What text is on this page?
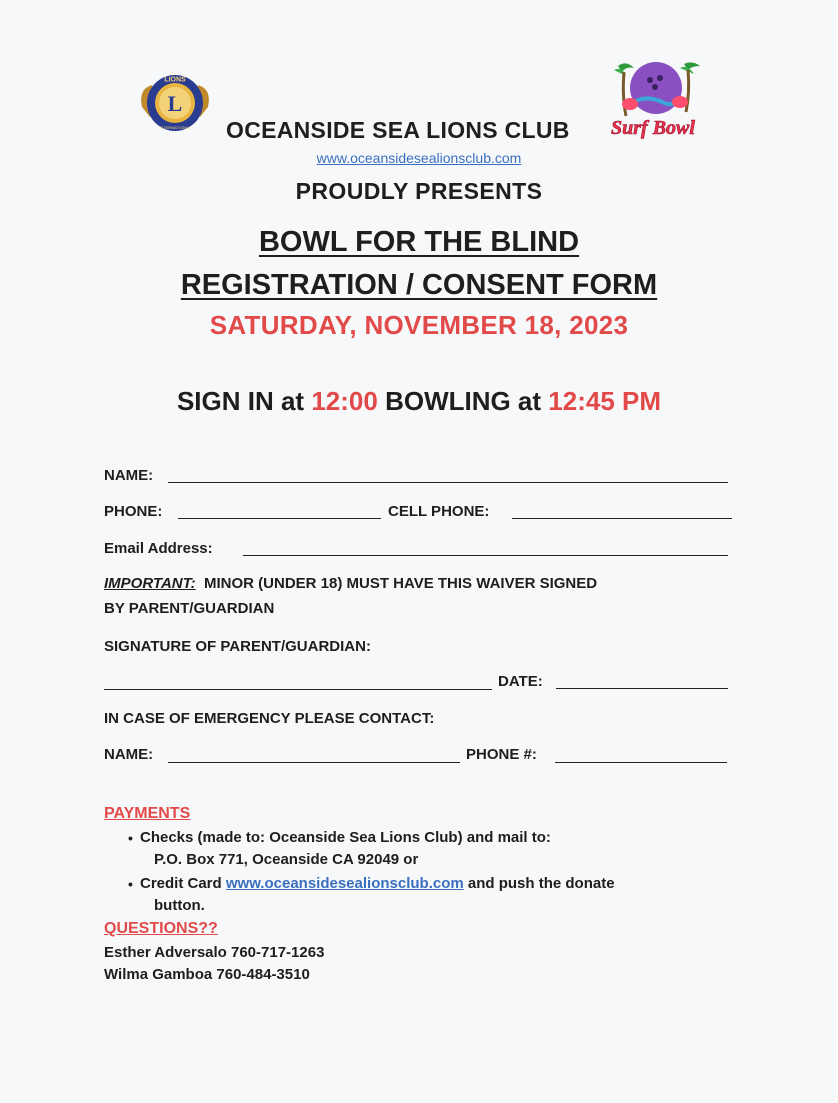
L
LIONS
INTERNATIONAL	Surf Bowl
OCEANSIDE SEA LIONS CLUB
www.oceansidesealionsclub.com
PROUDLY PRESENTS
BOWL FOR THE BLIND
REGISTRATION / CONSENT FORM
SATURDAY, NOVEMBER 18, 2023
SIGN IN at 12:00 BOWLING at 12:45 PM
NAME:
PHONE:	CELL PHONE:
Email Address:
IMPORTANT: MINOR (UNDER 18) MUST HAVE THIS WAIVER SIGNED
BY PARENT/GUARDIAN
SIGNATURE OF PARENT/GUARDIAN:
DATE:
IN CASE OF EMERGENCY PLEASE CONTACT:
NAME:	PHONE #:
PAYMENTS
• Checks (made to: Oceanside Sea Lions Club) and mail to:
P.O. Box 771, Oceanside CA 92049 or
• Credit Card www.oceansidesealionsclub.com and push the donate
button.
QUESTIONS??
Esther Adversalo 760-717-1263
Wilma Gamboa 760-484-3510
